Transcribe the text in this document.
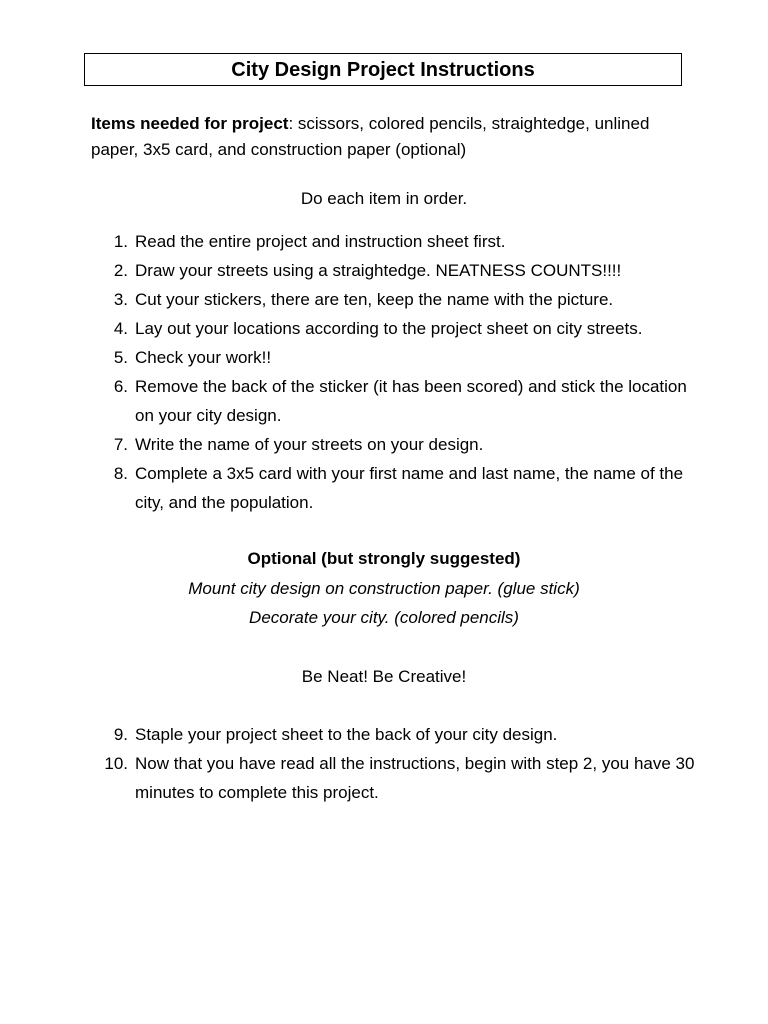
City Design Project Instructions
Items needed for project: scissors, colored pencils, straightedge, unlined paper, 3x5 card, and construction paper (optional)
Do each item in order.
1. Read the entire project and instruction sheet first.
2. Draw your streets using a straightedge. NEATNESS COUNTS!!!!
3. Cut your stickers, there are ten, keep the name with the picture.
4. Lay out your locations according to the project sheet on city streets.
5. Check your work!!
6. Remove the back of the sticker (it has been scored) and stick the location on your city design.
7. Write the name of your streets on your design.
8. Complete a 3x5 card with your first name and last name, the name of the city, and the population.
Optional (but strongly suggested)
Mount city design on construction paper. (glue stick)
Decorate your city. (colored pencils)
Be Neat! Be Creative!
9. Staple your project sheet to the back of your city design.
10. Now that you have read all the instructions, begin with step 2, you have 30 minutes to complete this project.
